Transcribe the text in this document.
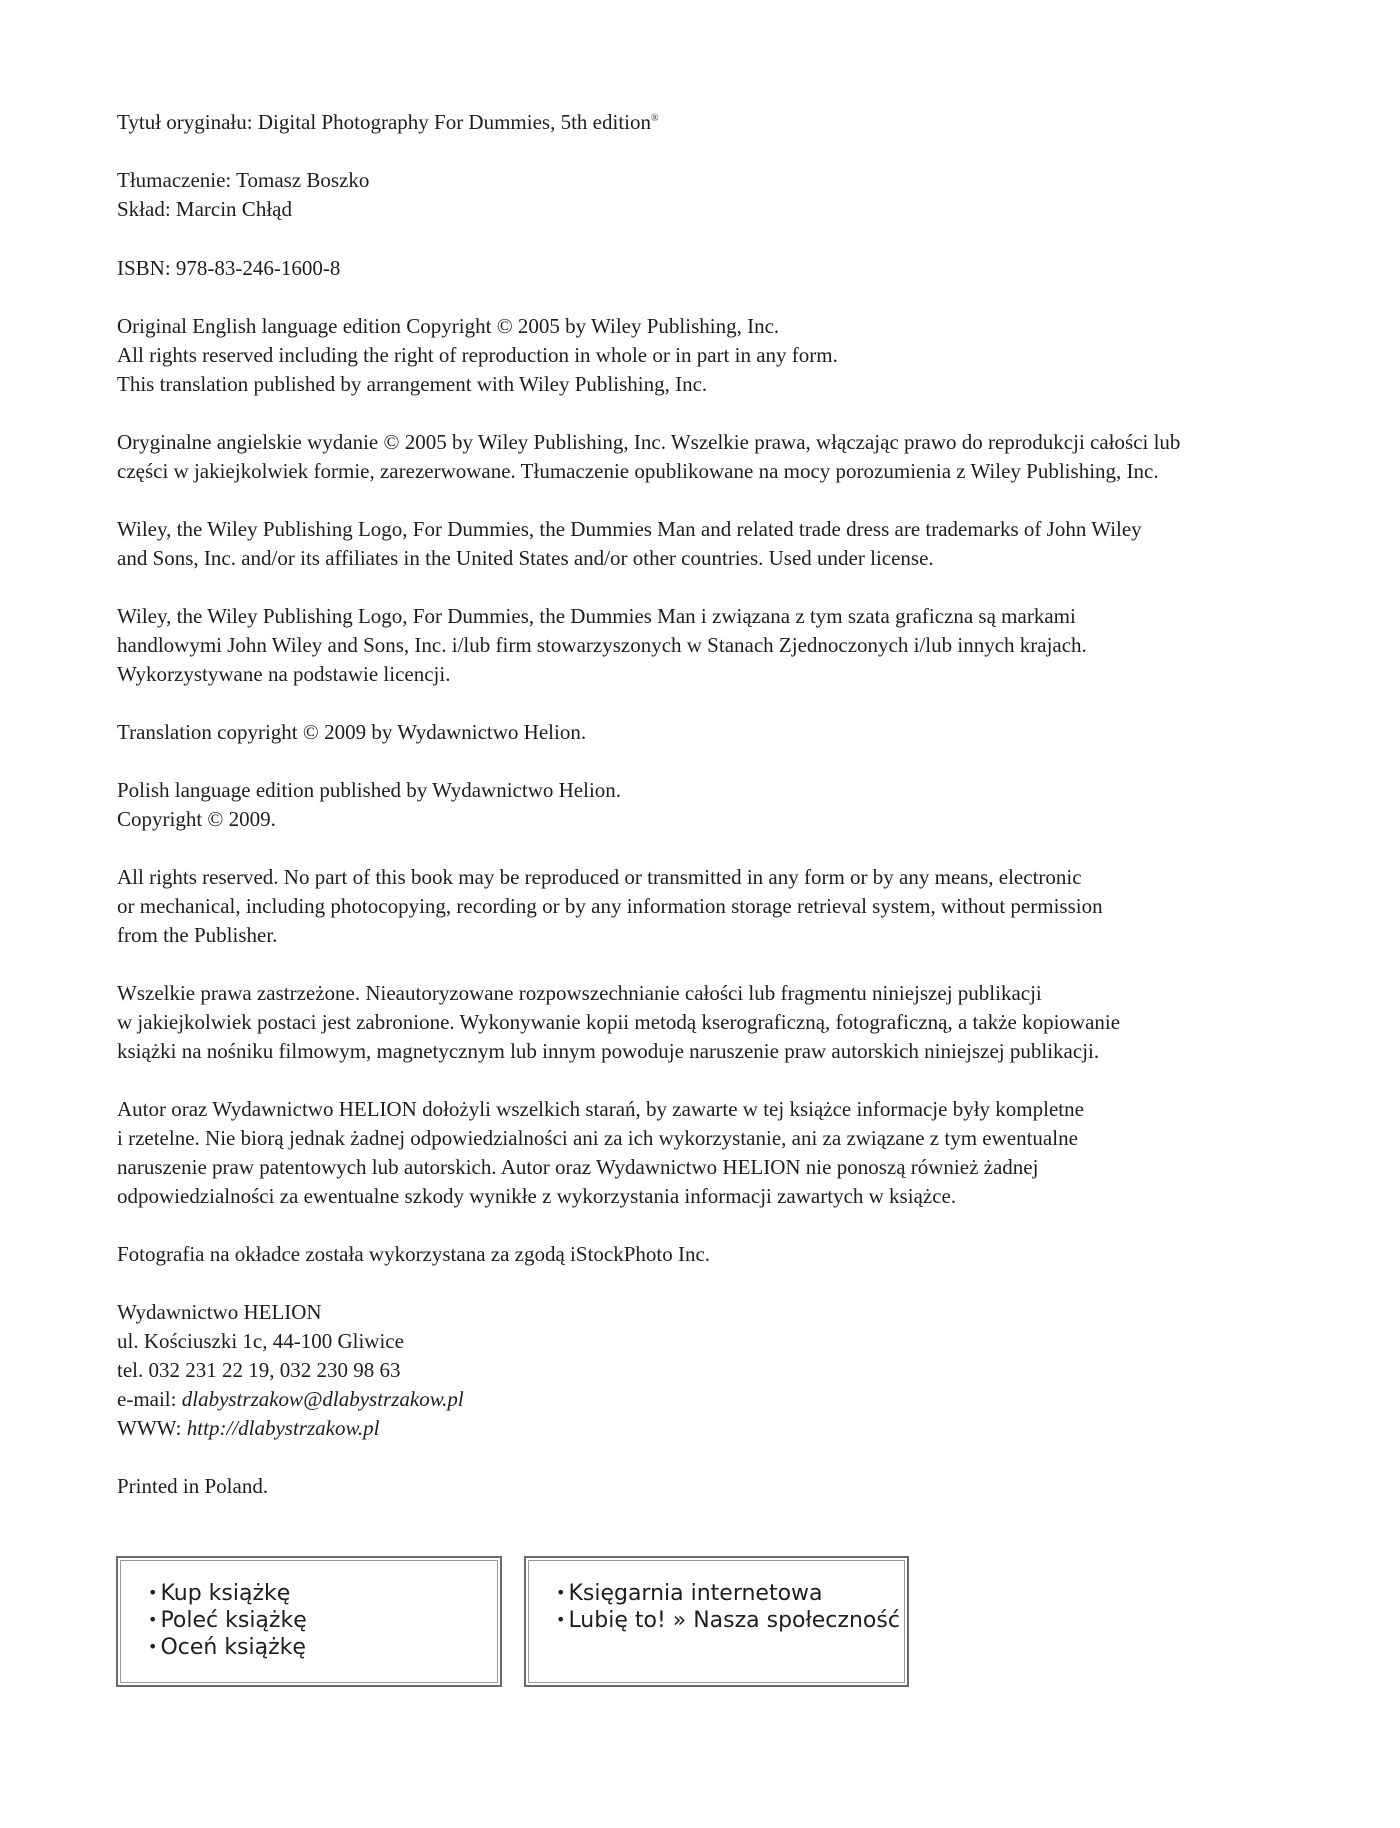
Tytuł oryginału: Digital Photography For Dummies, 5th edition®
Tłumaczenie: Tomasz Boszko
Skład: Marcin Chłąd
ISBN: 978-83-246-1600-8
Original English language edition Copyright © 2005 by Wiley Publishing, Inc.
All rights reserved including the right of reproduction in whole or in part in any form.
This translation published by arrangement with Wiley Publishing, Inc.
Oryginalne angielskie wydanie © 2005 by Wiley Publishing, Inc. Wszelkie prawa, włączając prawo do reprodukcji całości lub
części w jakiejkolwiek formie, zarezerwowane. Tłumaczenie opublikowane na mocy porozumienia z Wiley Publishing, Inc.
Wiley, the Wiley Publishing Logo, For Dummies, the Dummies Man and related trade dress are trademarks of John Wiley
and Sons, Inc. and/or its affiliates in the United States and/or other countries. Used under license.
Wiley, the Wiley Publishing Logo, For Dummies, the Dummies Man i związana z tym szata graficzna są markami
handlowymi John Wiley and Sons, Inc. i/lub firm stowarzyszonych w Stanach Zjednoczonych i/lub innych krajach.
Wykorzystywane na podstawie licencji.
Translation copyright © 2009 by Wydawnictwo Helion.
Polish language edition published by Wydawnictwo Helion.
Copyright © 2009.
All rights reserved. No part of this book may be reproduced or transmitted in any form or by any means, electronic
or mechanical, including photocopying, recording or by any information storage retrieval system, without permission
from the Publisher.
Wszelkie prawa zastrzeżone. Nieautoryzowane rozpowszechnianie całości lub fragmentu niniejszej publikacji
w jakiejkolwiek postaci jest zabronione. Wykonywanie kopii metodą kserograficzną, fotograficzną, a także kopiowanie
książki na nośniku filmowym, magnetycznym lub innym powoduje naruszenie praw autorskich niniejszej publikacji.
Autor oraz Wydawnictwo HELION dołożyli wszelkich starań, by zawarte w tej książce informacje były kompletne
i rzetelne. Nie biorą jednak żadnej odpowiedzialności ani za ich wykorzystanie, ani za związane z tym ewentualne
naruszenie praw patentowych lub autorskich. Autor oraz Wydawnictwo HELION nie ponoszą również żadnej
odpowiedzialności za ewentualne szkody wynikłe z wykorzystania informacji zawartych w książce.
Fotografia na okładce została wykorzystana za zgodą iStockPhoto Inc.
Wydawnictwo HELION
ul. Kościuszki 1c, 44-100 Gliwice
tel. 032 231 22 19, 032 230 98 63
e-mail: dlabystrzakow@dlabystrzakow.pl
WWW: http://dlabystrzakow.pl
Printed in Poland.
• Kup książkę
• Poleć książkę
• Oceń książkę
• Księgarnia internetowa
• Lubię to! » Nasza społeczność
